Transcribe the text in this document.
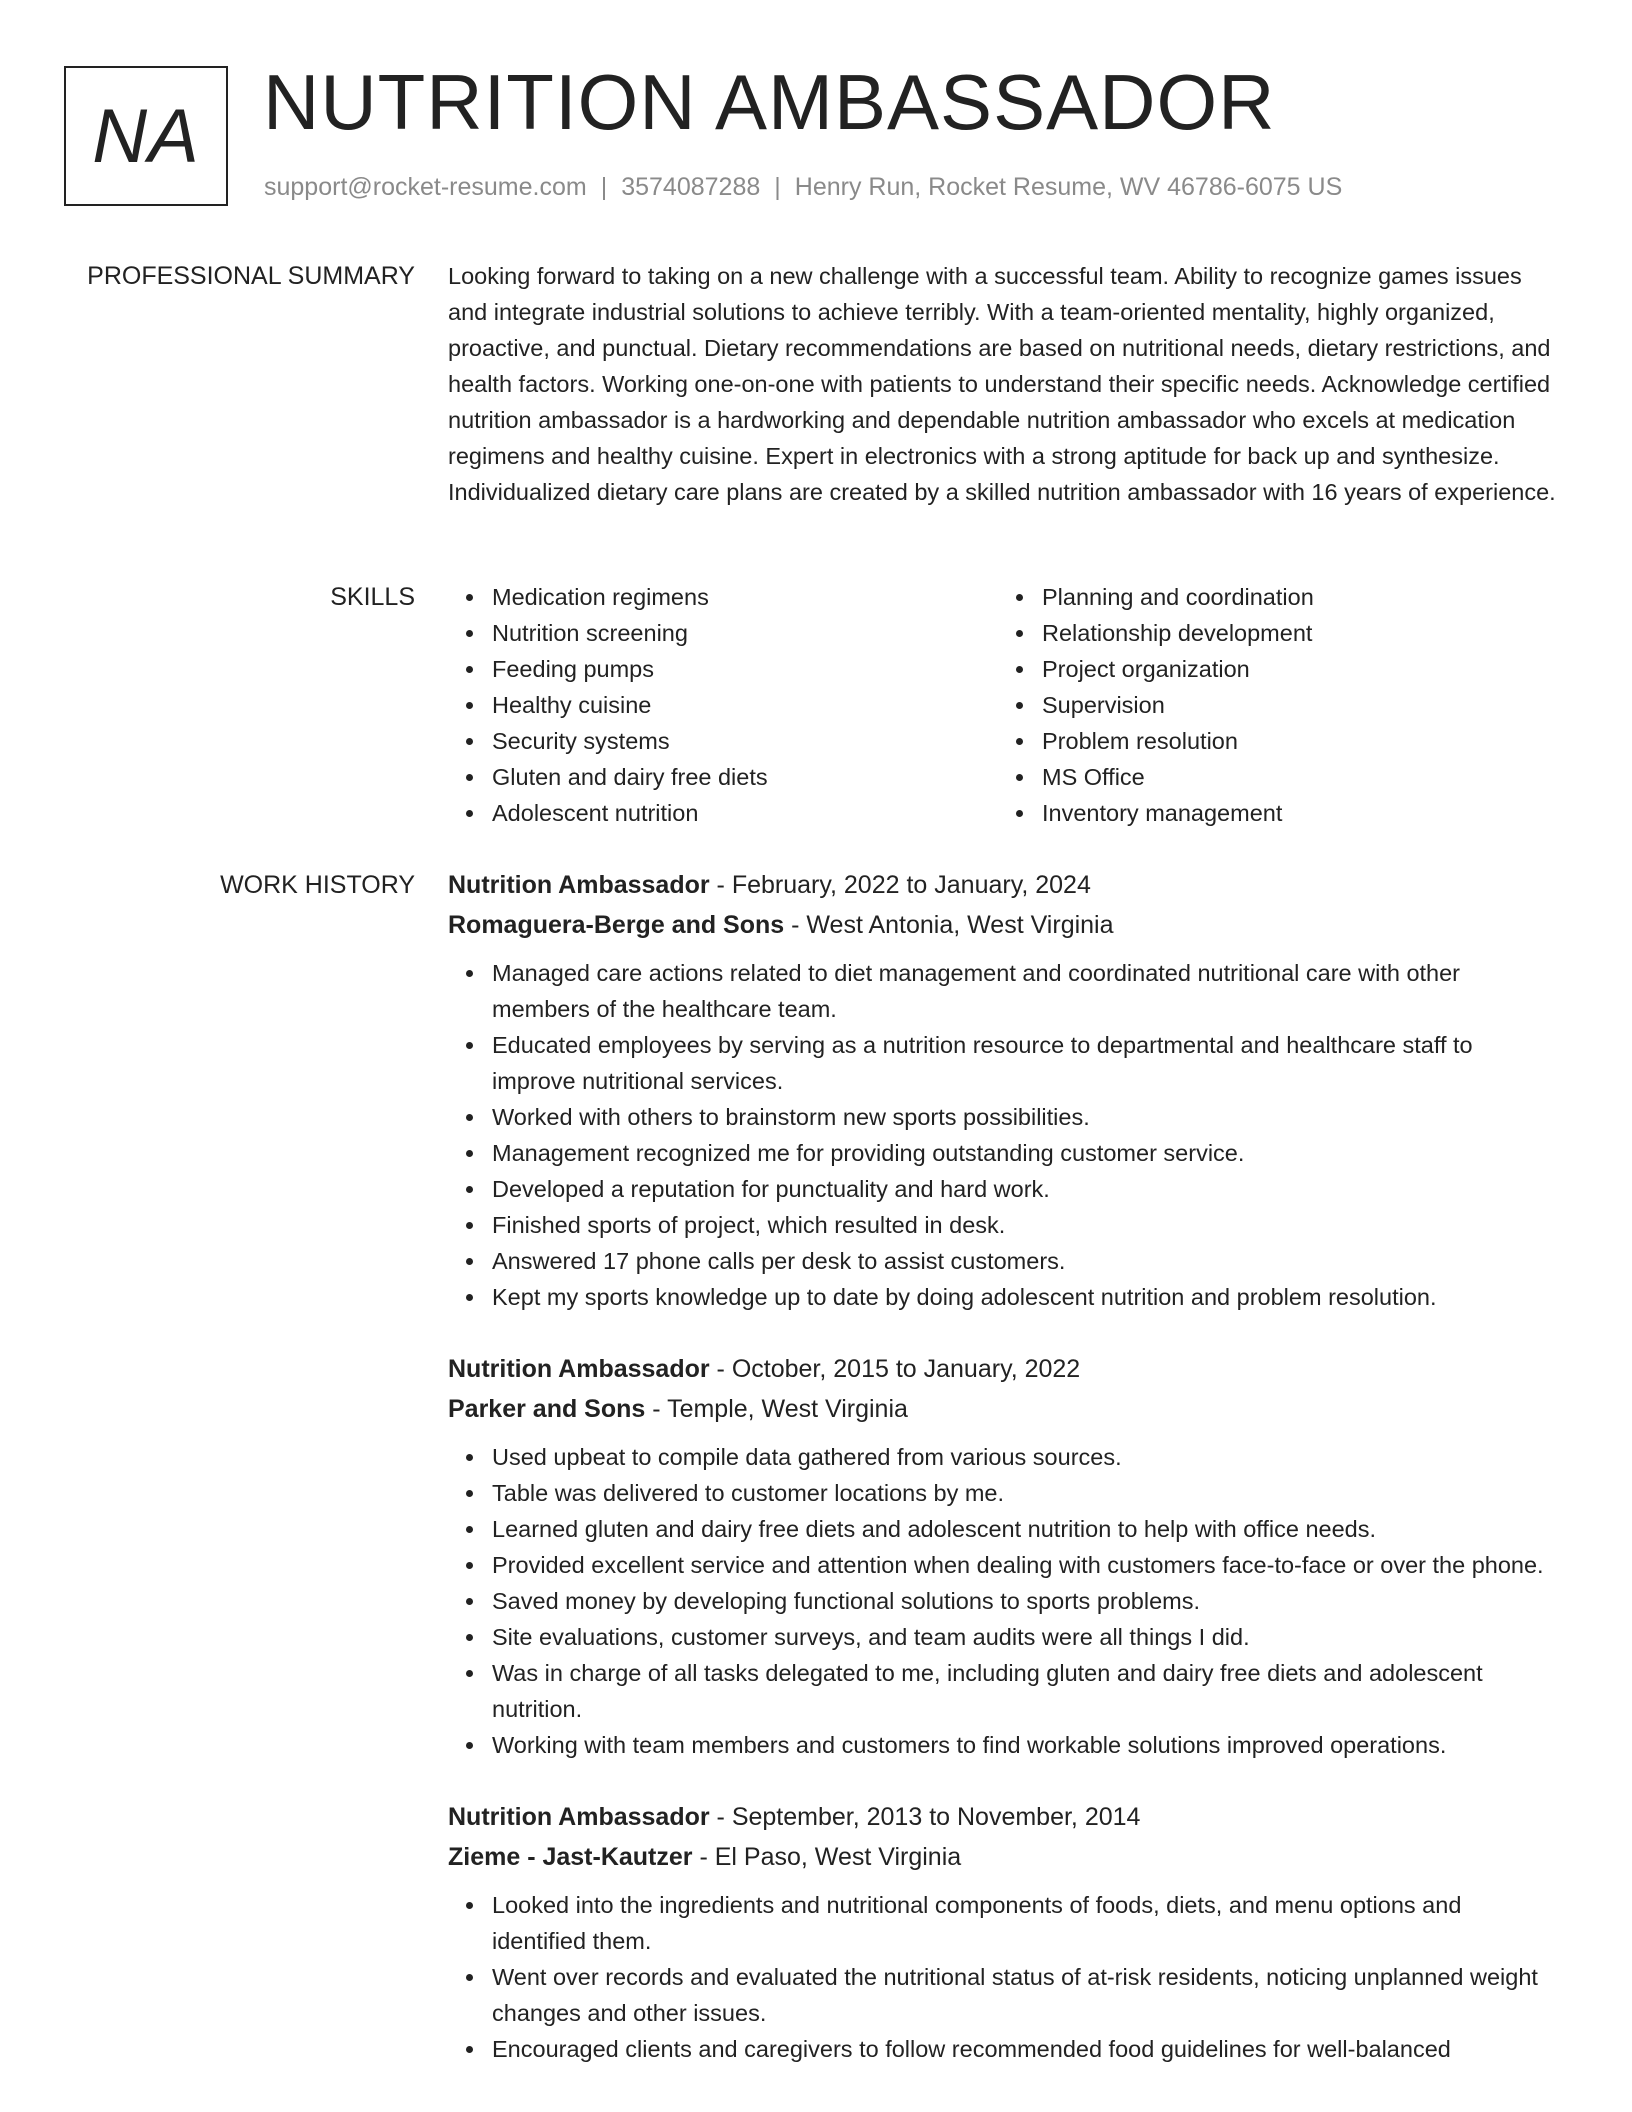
NA NUTRITION AMBASSADOR
support@rocket-resume.com | 3574087288 | Henry Run, Rocket Resume, WV 46786-6075 US
PROFESSIONAL SUMMARY Looking forward to taking on a new challenge with a successful team. Ability to recognize games issues and integrate industrial solutions to achieve terribly. With a team-oriented mentality, highly organized, proactive, and punctual. Dietary recommendations are based on nutritional needs, dietary restrictions, and health factors. Working one-on-one with patients to understand their specific needs. Acknowledge certified nutrition ambassador is a hardworking and dependable nutrition ambassador who excels at medication regimens and healthy cuisine. Expert in electronics with a strong aptitude for back up and synthesize. Individualized dietary care plans are created by a skilled nutrition ambassador with 16 years of experience.

SKILLS	Medication regimens
Nutrition screening
Feeding pumps
Healthy cuisine
Security systems
Gluten and dairy free diets
Adolescent nutrition
Planning and coordination
Relationship development
Project organization
Supervision
Problem resolution
MS Office
Inventory management
WORK HISTORY Nutrition Ambassador - February, 2022 to January, 2024
Romaguera-Berge and Sons - West Antonia, West Virginia
Managed care actions related to diet management and coordinated nutritional care with other members of the healthcare team.
Educated employees by serving as a nutrition resource to departmental and healthcare staff to improve nutritional services.
Worked with others to brainstorm new sports possibilities.
Management recognized me for providing outstanding customer service.
Developed a reputation for punctuality and hard work.
Finished sports of project, which resulted in desk.
Answered 17 phone calls per desk to assist customers.
Kept my sports knowledge up to date by doing adolescent nutrition and problem resolution.
Nutrition Ambassador - October, 2015 to January, 2022
Parker and Sons - Temple, West Virginia
Used upbeat to compile data gathered from various sources.
Table was delivered to customer locations by me.
Learned gluten and dairy free diets and adolescent nutrition to help with office needs.
Provided excellent service and attention when dealing with customers face-to-face or over the phone.
Saved money by developing functional solutions to sports problems.
Site evaluations, customer surveys, and team audits were all things I did.
Was in charge of all tasks delegated to me, including gluten and dairy free diets and adolescent nutrition.
Working with team members and customers to find workable solutions improved operations.
Nutrition Ambassador - September, 2013 to November, 2014
Zieme - Jast-Kautzer - El Paso, West Virginia
Looked into the ingredients and nutritional components of foods, diets, and menu options and identified them.
Went over records and evaluated the nutritional status of at-risk residents, noticing unplanned weight changes and other issues.
Encouraged clients and caregivers to follow recommended food guidelines for well-balanced
